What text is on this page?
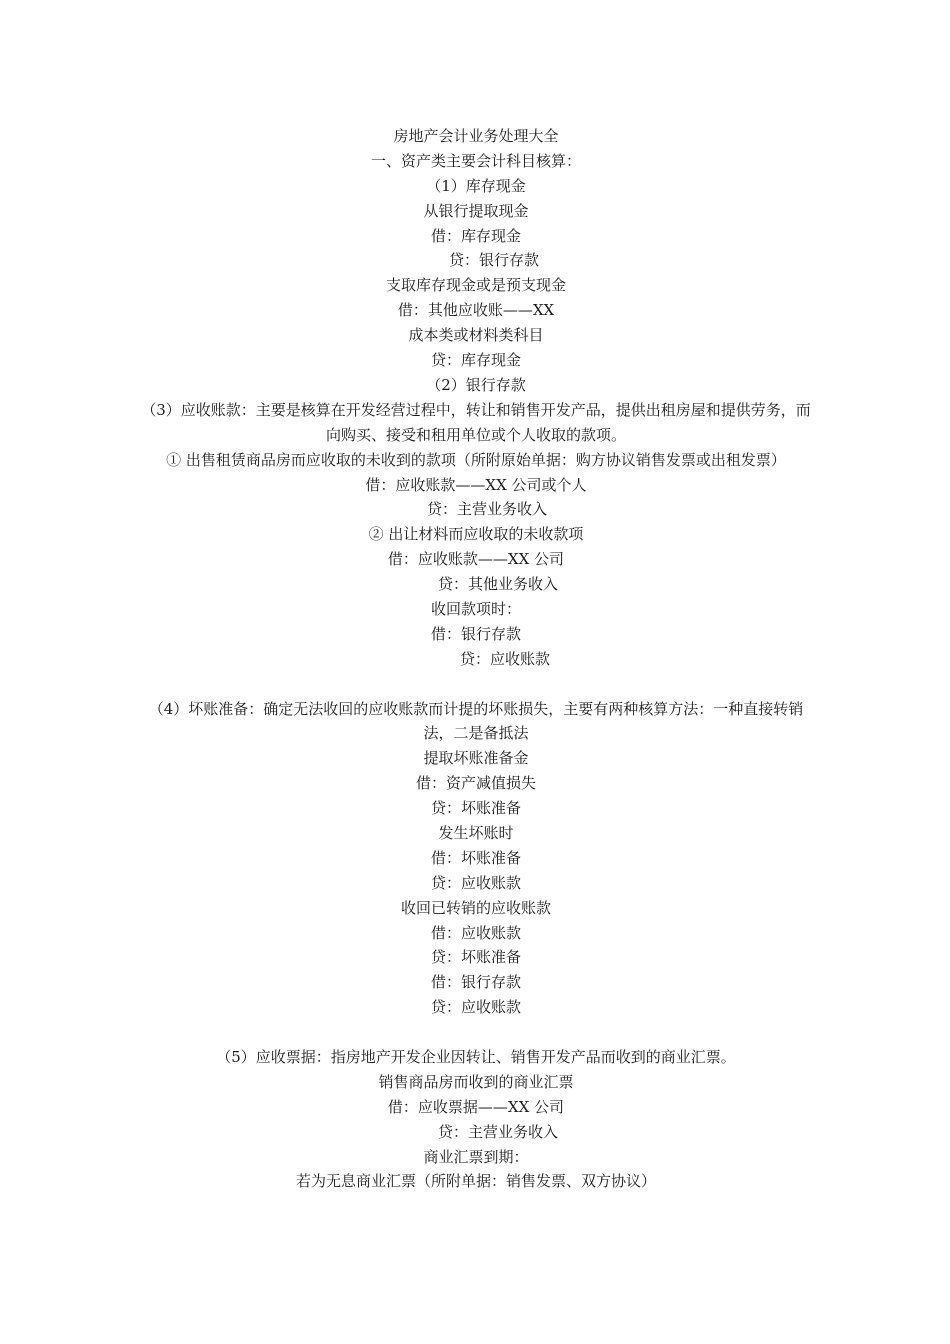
房地产会计业务处理大全
一、资产类主要会计科目核算：
（1）库存现金
从银行提取现金
借：库存现金
贷：银行存款
支取库存现金或是预支现金
借：其他应收账——XX
成本类或材料类科目
贷：库存现金
（2）银行存款
（3）应收账款：主要是核算在开发经营过程中，转让和销售开发产品，提供出租房屋和提供劳务，而向购买、接受和租用单位或个人收取的款项。
① 出售租赁商品房而应收取的未收到的款项（所附原始单据：购方协议销售发票或出租发票）
借：应收账款——XX 公司或个人
贷：主营业务收入
② 出让材料而应收取的未收款项
借：应收账款——XX 公司
贷：其他业务收入
收回款项时：
借：银行存款
贷：应收账款
（4）坏账准备：确定无法收回的应收账款而计提的坏账损失，主要有两种核算方法：一种直接转销法，二是备抵法
提取坏账准备金
借：资产减值损失
贷：坏账准备
发生坏账时
借：坏账准备
贷：应收账款
收回已转销的应收账款
借：应收账款
贷：坏账准备
借：银行存款
贷：应收账款
（5）应收票据：指房地产开发企业因转让、销售开发产品而收到的商业汇票。
销售商品房而收到的商业汇票
借：应收票据——XX 公司
贷：主营业务收入
商业汇票到期：
若为无息商业汇票（所附单据：销售发票、双方协议）
